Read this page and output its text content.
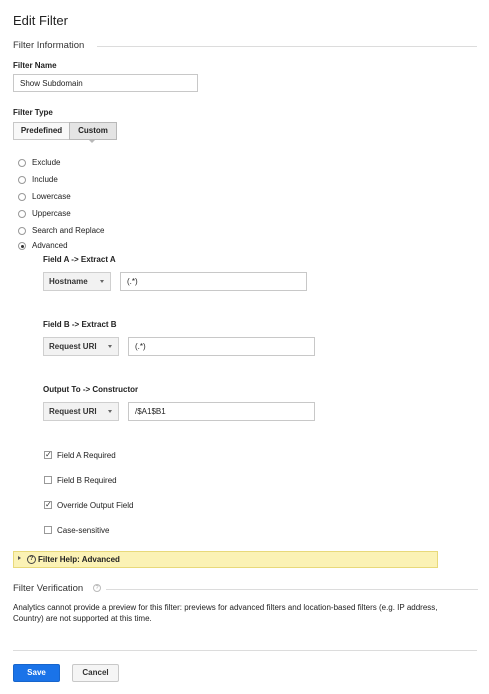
Edit Filter
Filter Information
Filter Name
Show Subdomain
Filter Type
Predefined	Custom
Exclude
Include
Lowercase
Uppercase
Search and Replace
Advanced
Field A -> Extract A
Hostname
(.*)
Field B -> Extract B
Request URI
(.*)
Output To -> Constructor
Request URI
/$A1$B1
✓ Field A Required
Field B Required
✓ Override Output Field
Case-sensitive
? Filter Help: Advanced
Filter Verification	?
Analytics cannot provide a preview for this filter: previews for advanced filters and location-based filters (e.g. IP address,
Country) are not supported at this time.
Save	Cancel
